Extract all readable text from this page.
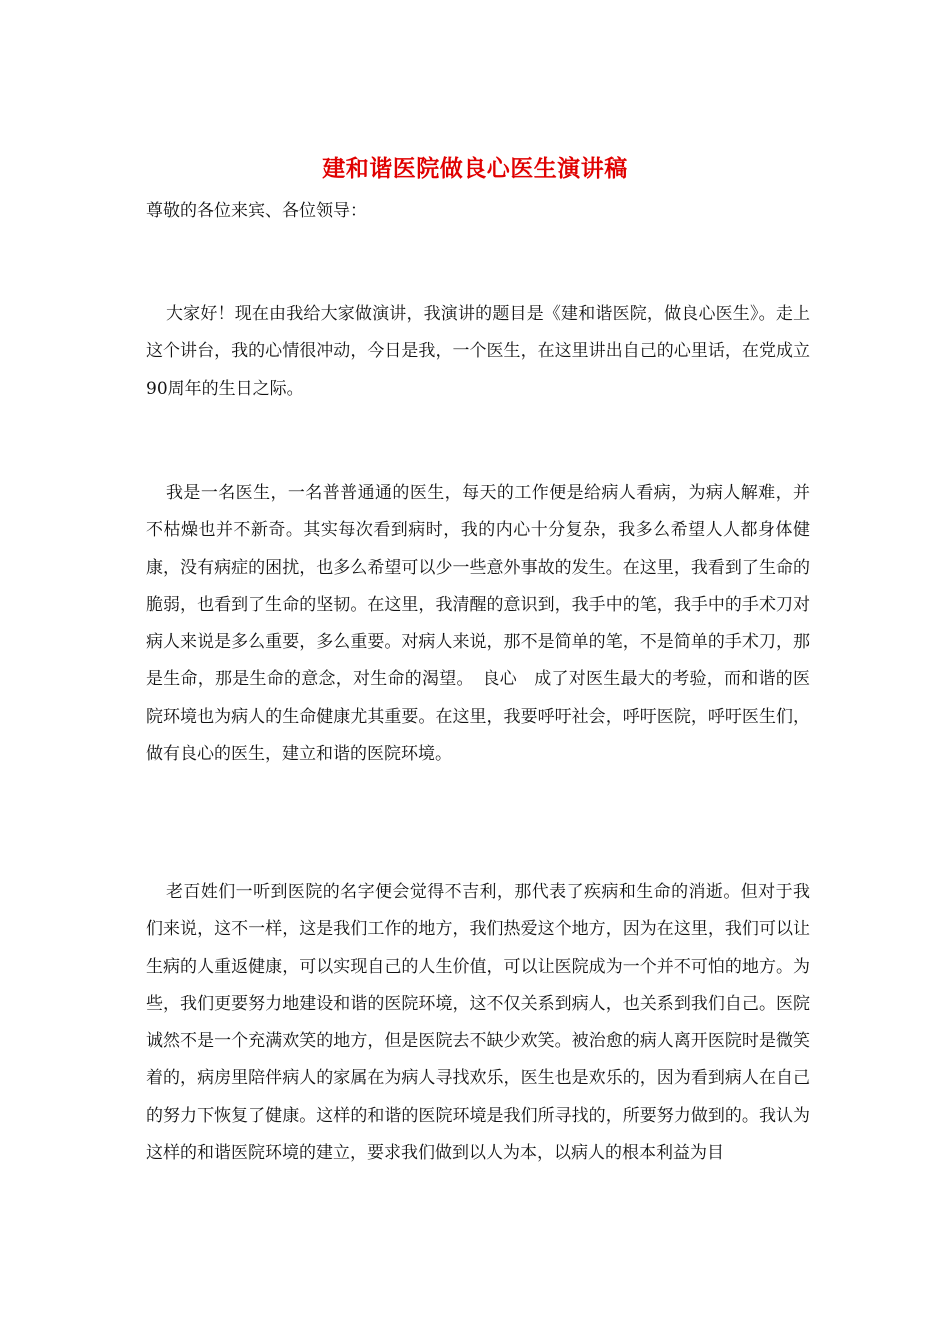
建和谐医院做良心医生演讲稿
尊敬的各位来宾、各位领导：
大家好！现在由我给大家做演讲，我演讲的题目是《建和谐医院，做良心医生》。走上这个讲台，我的心情很冲动，今日是我，一个医生，在这里讲出自己的心里话，在党成立90周年的生日之际。
我是一名医生，一名普普通通的医生，每天的工作便是给病人看病，为病人解难，并不枯燥也并不新奇。其实每次看到病时，我的内心十分复杂，我多么希望人人都身体健康，没有病症的困扰，也多么希望可以少一些意外事故的发生。在这里，我看到了生命的脆弱，也看到了生命的坚韧。在这里，我清醒的意识到，我手中的笔，我手中的手术刀对病人来说是多么重要，多么重要。对病人来说，那不是简单的笔，不是简单的手术刀，那是生命，那是生命的意念，对生命的渴望。　良心　成了对医生最大的考验，而和谐的医院环境也为病人的生命健康尤其重要。在这里，我要呼吁社会，呼吁医院，呼吁医生们，做有良心的医生，建立和谐的医院环境。
老百姓们一听到医院的名字便会觉得不吉利，那代表了疾病和生命的消逝。但对于我们来说，这不一样，这是我们工作的地方，我们热爱这个地方，因为在这里，我们可以让生病的人重返健康，可以实现自己的人生价值，可以让医院成为一个并不可怕的地方。为些，我们更要努力地建设和谐的医院环境，这不仅关系到病人，也关系到我们自己。医院诚然不是一个充满欢笑的地方，但是医院去不缺少欢笑。被治愈的病人离开医院时是微笑着的，病房里陪伴病人的家属在为病人寻找欢乐，医生也是欢乐的，因为看到病人在自己的努力下恢复了健康。这样的和谐的医院环境是我们所寻找的，所要努力做到的。我认为这样的和谐医院环境的建立，要求我们做到以人为本，以病人的根本利益为目
